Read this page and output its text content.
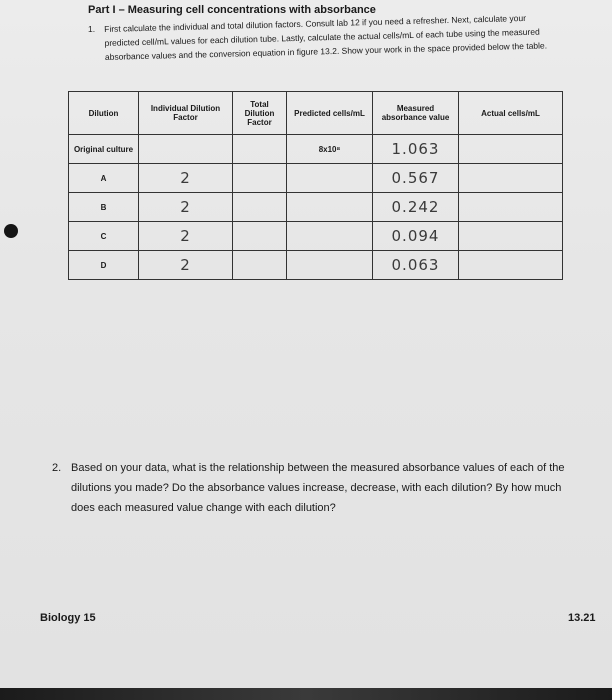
Part I – Measuring cell concentrations with absorbance
1. First calculate the individual and total dilution factors. Consult lab 12 if you need a refresher. Next, calculate your predicted cell/mL values for each dilution tube. Lastly, calculate the actual cells/mL of each tube using the measured absorbance values and the conversion equation in figure 13.2. Show your work in the space provided below the table.
Dilution	Individual Dilution Factor	Total Dilution Factor	Predicted cells/mL	Measured absorbance value	Actual cells/mL
Original culture			8x10⁸	1.063	
A	2			0.567	
B	2			0.242	
C	2			0.094	
D	2			0.063	
2. Based on your data, what is the relationship between the measured absorbance values of each of the dilutions you made? Do the absorbance values increase, decrease, with each dilution? By how much does each measured value change with each dilution?
Biology 15	13.21
